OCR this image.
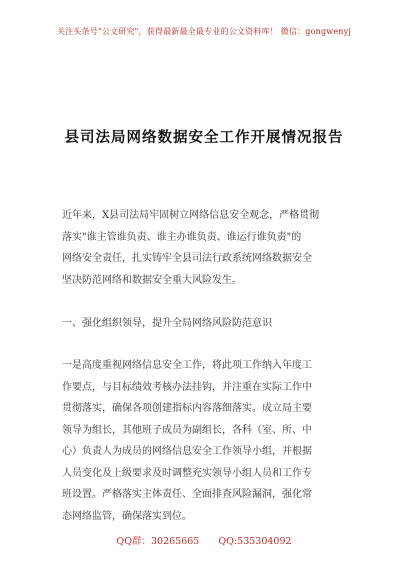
关注头条号"公文研究"，获得最新最全最专业的公文资料库！ 微信：gongwenyj
县司法局网络数据安全工作开展情况报告
近年来，X县司法局牢固树立网络信息安全观念，严格贯彻
落实"谁主管谁负责、谁主办谁负责、谁运行谁负责"的
网络安全责任，扎实铸牢全县司法行政系统网络数据安全
坚决防范网络和数据安全重大风险发生。
一、强化组织领导，提升全局网络风险防范意识
一是高度重视网络信息安全工作，将此项工作纳入年度工
作要点，与目标绩效考核办法挂钩，并注重在实际工作中
贯彻落实，确保各项创建指标内容落细落实。成立局主要
领导为组长，其他班子成员为副组长，各科（室、所、中
心）负责人为成员的网络信息安全工作领导小组，并根据
人员变化及上级要求及时调整充实领导小组人员和工作专
班设置。严格落实主体责任、全面排查风险漏洞，强化常
态网络监管，确保落实到位。
QQ群：30265665 QQ:535304092
